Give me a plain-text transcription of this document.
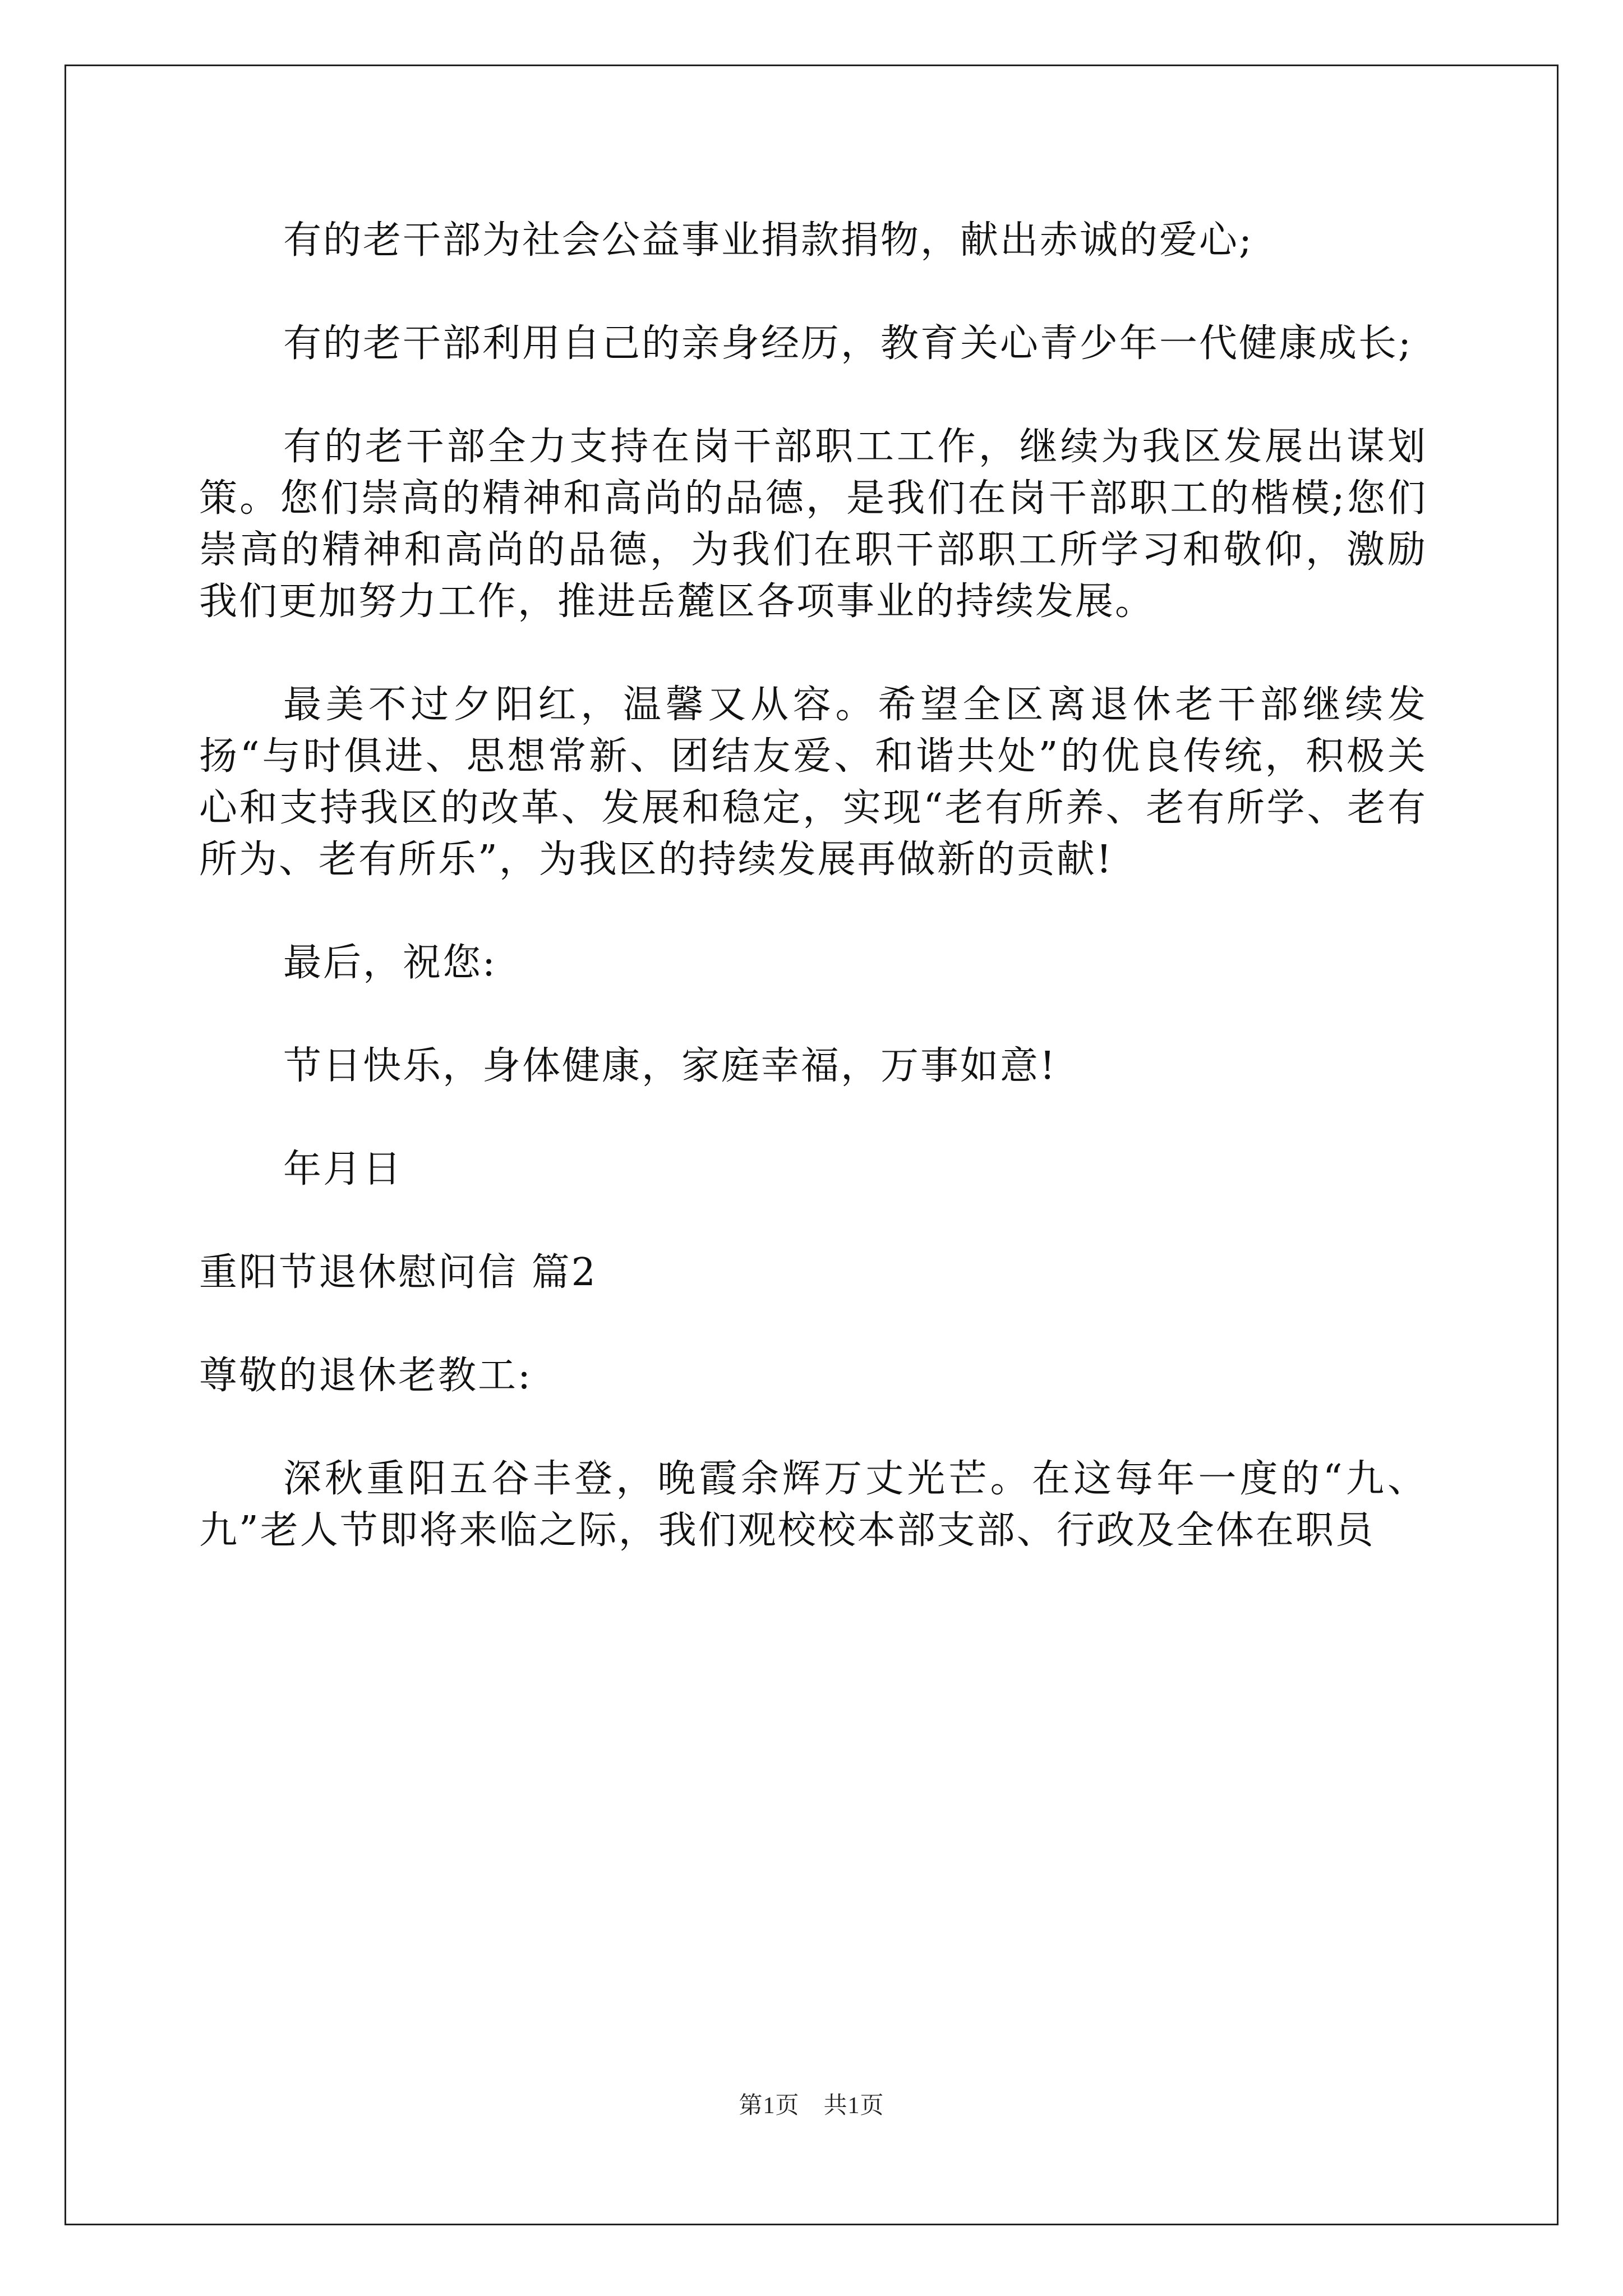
有的老干部为社会公益事业捐款捐物，献出赤诚的爱心;

有的老干部利用自己的亲身经历，教育关心青少年一代健康成长;

有的老干部全力支持在岗干部职工工作，继续为我区发展出谋划策。您们崇高的精神和高尚的品德，是我们在岗干部职工的楷模;您们崇高的精神和高尚的品德，为我们在职干部职工所学习和敬仰，激励我们更加努力工作，推进岳麓区各项事业的持续发展。

最美不过夕阳红，温馨又从容。希望全区离退休老干部继续发扬“与时俱进、思想常新、团结友爱、和谐共处”的优良传统，积极关心和支持我区的改革、发展和稳定，实现“老有所养、老有所学、老有所为、老有所乐”，为我区的持续发展再做新的贡献!

最后，祝您:

节日快乐，身体健康，家庭幸福，万事如意!

年月日

重阳节退休慰问信 篇2

尊敬的退休老教工:

深秋重阳五谷丰登，晚霞余辉万丈光芒。在这每年一度的“九、九”老人节即将来临之际，我们观校校本部支部、行政及全体在职员

第1页　共1页
